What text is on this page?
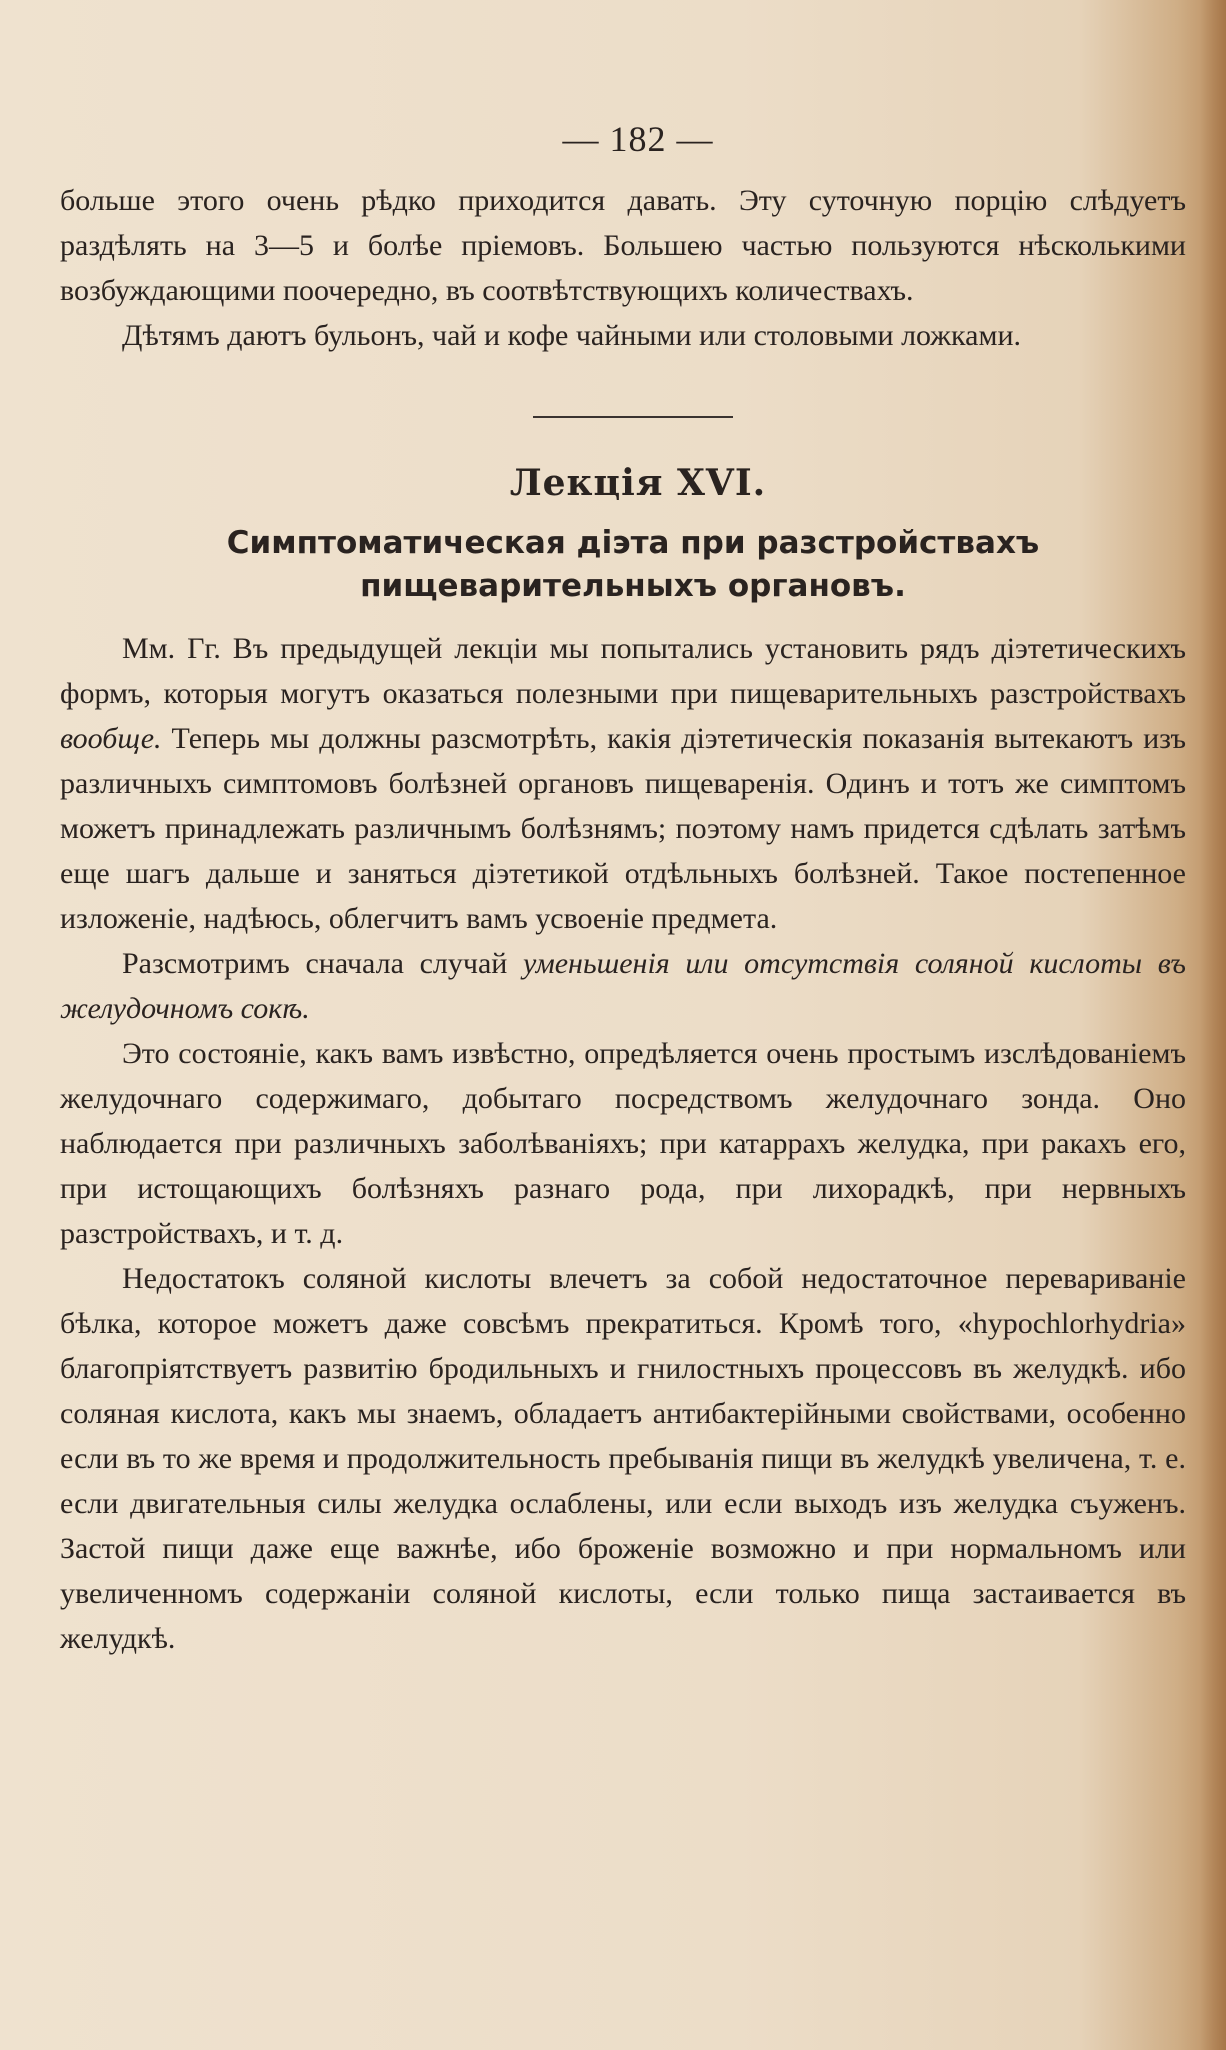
— 182 —

больше этого очень рѣдко приходится давать. Эту суточную порцію слѣдуетъ раздѣлять на 3—5 и болѣе пріемовъ. Большею частью пользуются нѣсколькими возбуждающими поочередно, въ соотвѣтствующихъ количествахъ.

Дѣтямъ даютъ бульонъ, чай и кофе чайными или столовыми ложками.

Лекція XVI.
Симптоматическая діэта при разстройствахъ пищеварительныхъ органовъ.

Мм. Гг. Въ предыдущей лекціи мы попытались установить рядъ діэтетическихъ формъ, которыя могутъ оказаться полезными при пищеварительныхъ разстройствахъ вообще. Теперь мы должны разсмотрѣть, какія діэтетическія показанія вытекаютъ изъ различныхъ симптомовъ болѣзней органовъ пищеваренія. Одинъ и тотъ же симптомъ можетъ принадлежать различнымъ болѣзнямъ; поэтому намъ придется сдѣлать затѣмъ еще шагъ дальше и заняться діэтетикой отдѣльныхъ болѣзней. Такое постепенное изложеніе, надѣюсь, облегчитъ вамъ усвоеніе предмета.

Разсмотримъ сначала случай уменьшенія или отсутствія соляной кислоты въ желудочномъ сокѣ.

Это состояніе, какъ вамъ извѣстно, опредѣляется очень простымъ изслѣдованіемъ желудочнаго содержимаго, добытаго посредствомъ желудочнаго зонда. Оно наблюдается при различныхъ заболѣваніяхъ; при катаррахъ желудка, при ракахъ его, при истощающихъ болѣзняхъ разнаго рода, при лихорадкѣ, при нервныхъ разстройствахъ, и т. д.

Недостатокъ соляной кислоты влечетъ за собой недостаточное перевариваніе бѣлка, которое можетъ даже совсѣмъ прекратиться. Кромѣ того, «hypochlorhydria» благопріятствуетъ развитію бродильныхъ и гнилостныхъ процессовъ въ желудкѣ. ибо соляная кислота, какъ мы знаемъ, обладаетъ антибактерійными свойствами, особенно если въ то же время и продолжительность пребыванія пищи въ желудкѣ увеличена, т. е. если двигательныя силы желудка ослаблены, или если выходъ изъ желудка съуженъ. Застой пищи даже еще важнѣе, ибо броженіе возможно и при нормальномъ или увеличенномъ содержаніи соляной кислоты, если только пища застаивается въ желудкѣ.
